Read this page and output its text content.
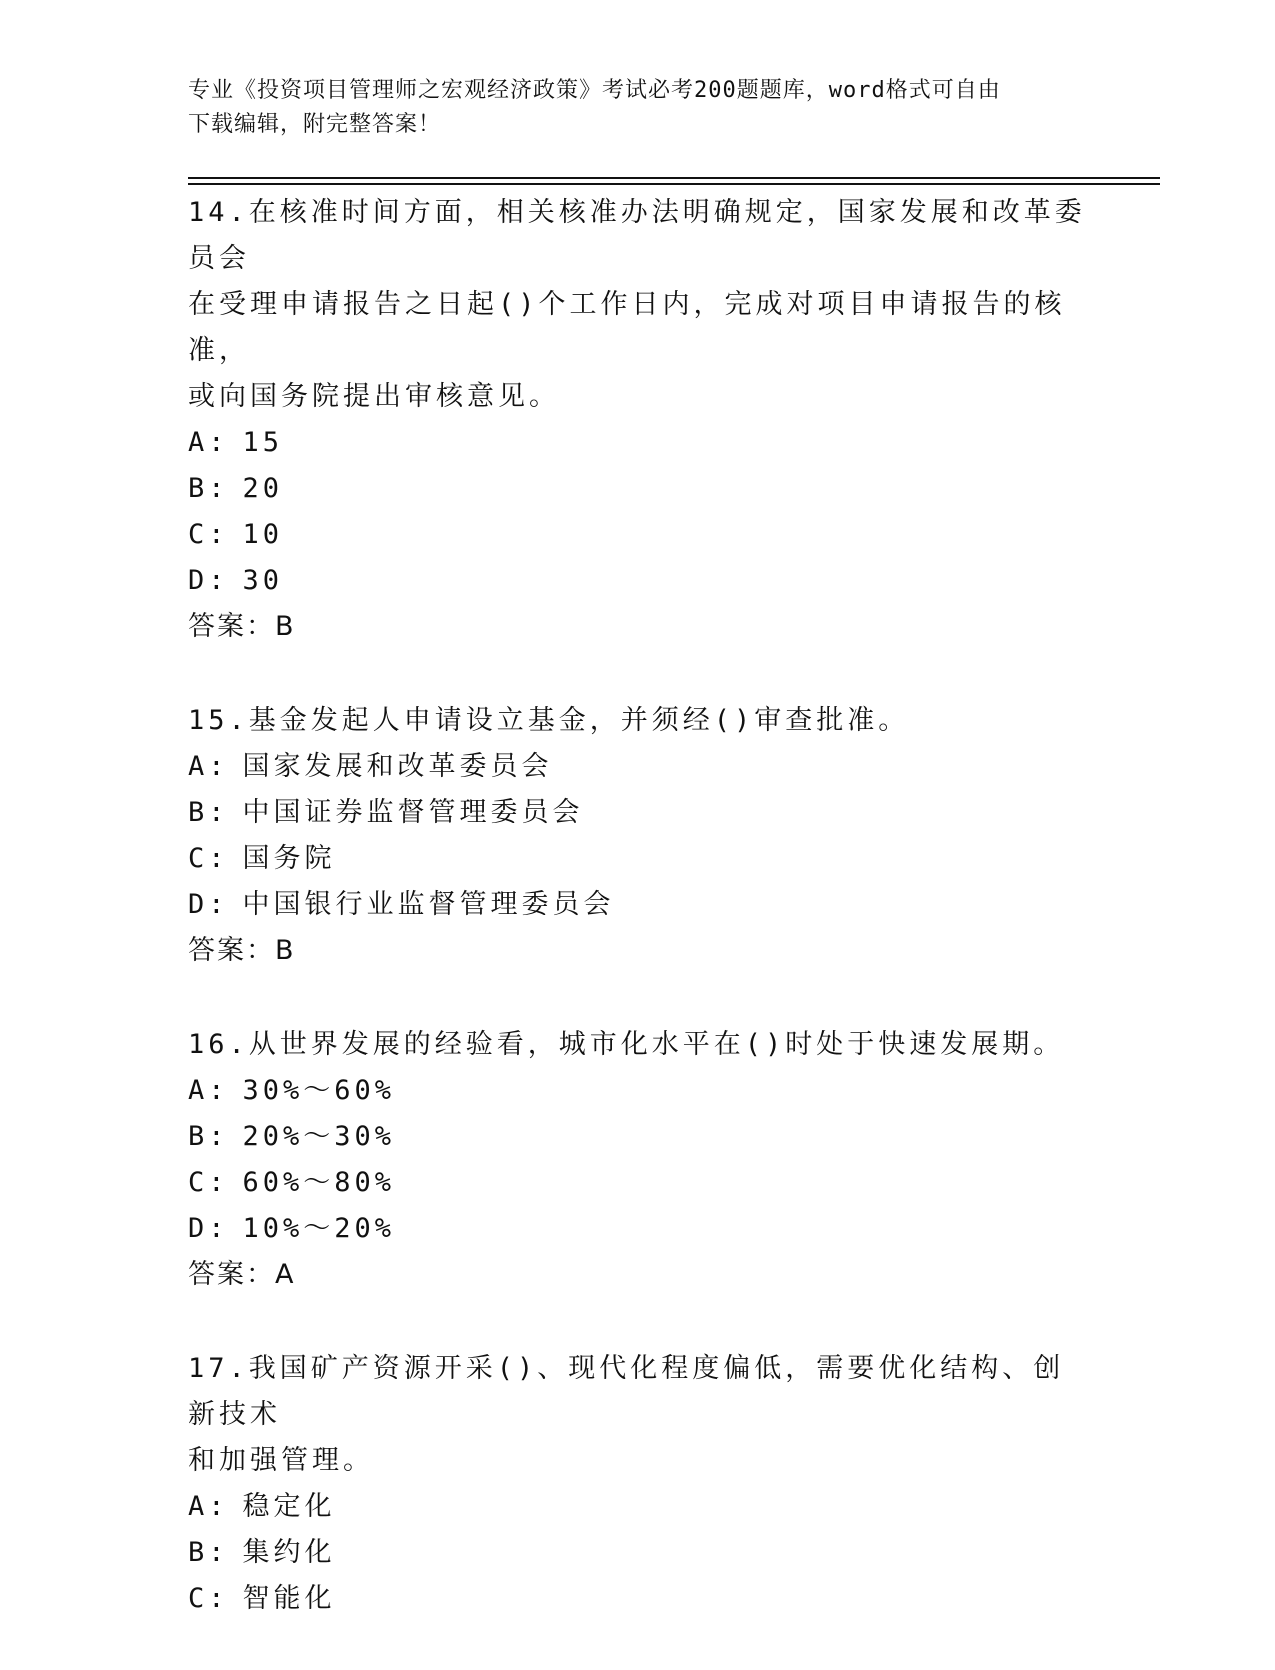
专业《投资项目管理师之宏观经济政策》考试必考200题题库，word格式可自由
下载编辑，附完整答案！
14.在核准时间方面，相关核准办法明确规定，国家发展和改革委员会
在受理申请报告之日起()个工作日内，完成对项目申请报告的核准，
或向国务院提出审核意见。
A: 15
B: 20
C: 10
D: 30
答案：B
15.基金发起人申请设立基金，并须经()审查批准。
A: 国家发展和改革委员会
B: 中国证券监督管理委员会
C: 国务院
D: 中国银行业监督管理委员会
答案：B
16.从世界发展的经验看，城市化水平在()时处于快速发展期。
A: 30%～60%
B: 20%～30%
C: 60%～80%
D: 10%～20%
答案：A
17.我国矿产资源开采()、现代化程度偏低，需要优化结构、创新技术
和加强管理。
A: 稳定化
B: 集约化
C: 智能化
